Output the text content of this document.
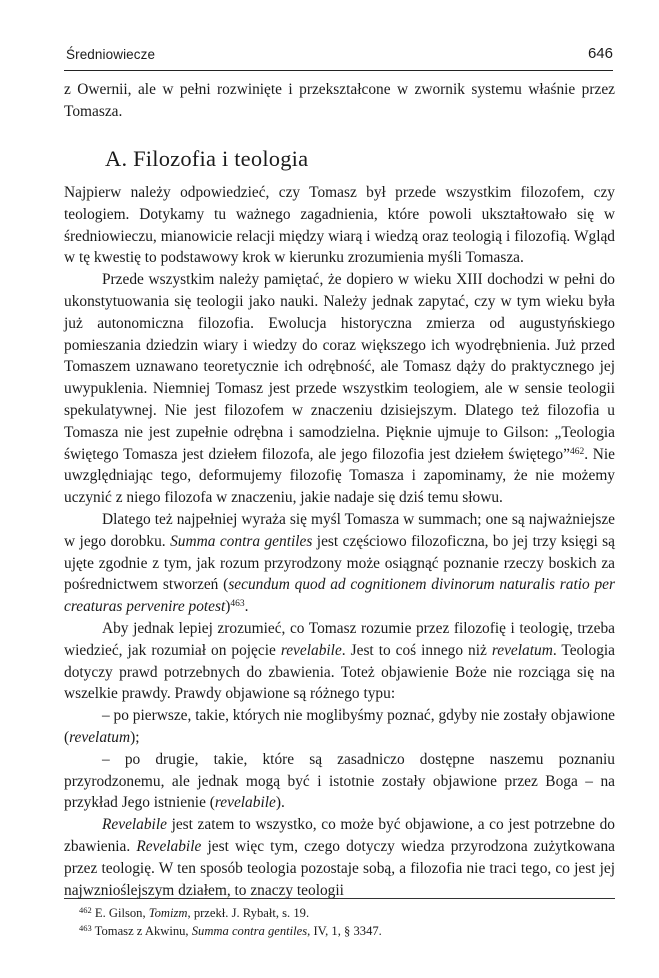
Średniowiecze	646

z Owernii, ale w pełni rozwinięte i przekształcone w zwornik systemu właśnie przez Tomasza.

A. Filozofia i teologia

Najpierw należy odpowiedzieć, czy Tomasz był przede wszystkim filozofem, czy teologiem. Dotykamy tu ważnego zagadnienia, które powoli ukształtowało się w średniowieczu, mianowicie relacji między wiarą i wiedzą oraz teologią i filozofią. Wgląd w tę kwestię to podstawowy krok w kierunku zrozumienia myśli Tomasza.

Przede wszystkim należy pamiętać, że dopiero w wieku XIII dochodzi w pełni do ukonstytuowania się teologii jako nauki. Należy jednak zapytać, czy w tym wieku była już autonomiczna filozofia. Ewolucja historyczna zmierza od augustyńskiego pomieszania dziedzin wiary i wiedzy do coraz większego ich wyodrębnienia. Już przed Tomaszem uznawano teoretycznie ich odrębność, ale Tomasz dąży do praktycznego jej uwypuklenia. Niemniej Tomasz jest przede wszystkim teologiem, ale w sensie teologii spekulatywnej. Nie jest filozofem w znaczeniu dzisiejszym. Dlatego też filozofia u Tomasza nie jest zupełnie odrębna i samodzielna. Pięknie ujmuje to Gilson: „Teologia świętego Tomasza jest dziełem filozofa, ale jego filozofia jest dziełem świętego”$^{462}$. Nie uwzględniając tego, deformujemy filozofię Tomasza i zapominamy, że nie możemy uczynić z niego filozofa w znaczeniu, jakie nadaje się dziś temu słowu.

Dlatego też najpełniej wyraża się myśl Tomasza w summach; one są najważniejsze w jego dorobku. Summa contra gentiles jest częściowo filozoficzna, bo jej trzy księgi są ujęte zgodnie z tym, jak rozum przyrodzony może osiągnąć poznanie rzeczy boskich za pośrednictwem stworzeń (secundum quod ad cognitionem divinorum naturalis ratio per creaturas pervenire potest)$^{463}$.

Aby jednak lepiej zrozumieć, co Tomasz rozumie przez filozofię i teologię, trzeba wiedzieć, jak rozumiał on pojęcie revelabile. Jest to coś innego niż revelatum. Teologia dotyczy prawd potrzebnych do zbawienia. Toteż objawienie Boże nie rozciąga się na wszelkie prawdy. Prawdy objawione są różnego typu:

– po pierwsze, takie, których nie moglibyśmy poznać, gdyby nie zostały objawione (revelatum);

– po drugie, takie, które są zasadniczo dostępne naszemu poznaniu przyrodzonemu, ale jednak mogą być i istotnie zostały objawione przez Boga – na przykład Jego istnienie (revelabile).

Revelabile jest zatem to wszystko, co może być objawione, a co jest potrzebne do zbawienia. Revelabile jest więc tym, czego dotyczy wiedza przyrodzona zużytkowana przez teologię. W ten sposób teologia pozostaje sobą, a filozofia nie traci tego, co jest jej najwznioślejszym działem, to znaczy teologii

$^{462}$ E. Gilson, Tomizm, przekł. J. Rybałt, s. 19.

$^{463}$ Tomasz z Akwinu, Summa contra gentiles, IV, 1, § 3347.
